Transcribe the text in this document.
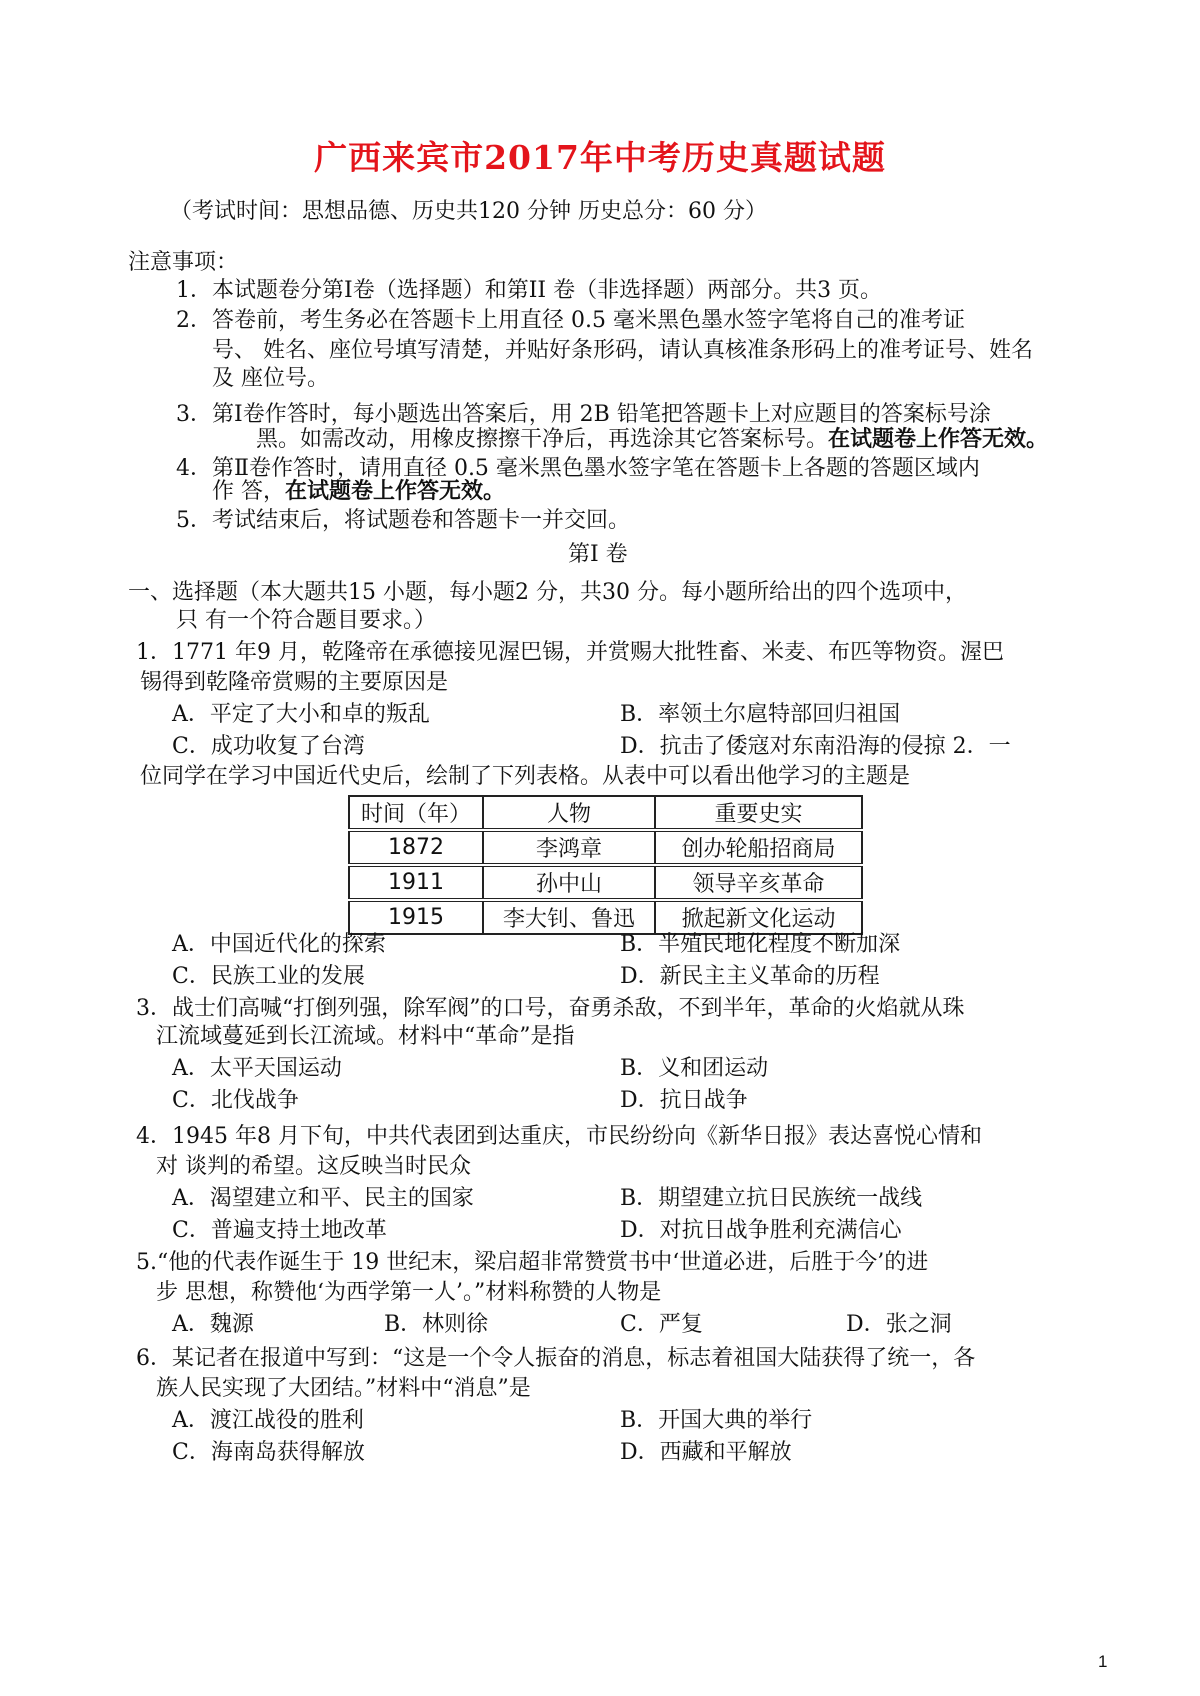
广西来宾市2017年中考历史真题试题
（考试时间：思想品德、历史共120 分钟 历史总分：60 分）
注意事项：
1．本试题卷分第Ⅰ卷（选择题）和第II 卷（非选择题）两部分。共3 页。
2．答卷前，考生务必在答题卡上用直径 0.5 毫米黑色墨水签字笔将自己的准考证
号、 姓名、座位号填写清楚，并贴好条形码，请认真核准条形码上的准考证号、姓名
及 座位号。
3．第Ⅰ卷作答时，每小题选出答案后，用 2B 铅笔把答题卡上对应题目的答案标号涂
黑。如需改动，用橡皮擦擦干净后，再选涂其它答案标号。在试题卷上作答无效。
4．第Ⅱ卷作答时，请用直径 0.5 毫米黑色墨水签字笔在答题卡上各题的答题区域内
作 答，在试题卷上作答无效。
5．考试结束后，将试题卷和答题卡一并交回。
第Ⅰ 卷
一、选择题（本大题共15 小题，每小题2 分，共30 分。每小题所给出的四个选项中，
只 有一个符合题目要求。）
1．1771 年9 月，乾隆帝在承德接见渥巴锡，并赏赐大批牲畜、米麦、布匹等物资。渥巴
锡得到乾隆帝赏赐的主要原因是
A．平定了大小和卓的叛乱	B．率领土尔扈特部回归祖国
C．成功收复了台湾	D．抗击了倭寇对东南沿海的侵掠 2．一
位同学在学习中国近代史后，绘制了下列表格。从表中可以看出他学习的主题是
时间（年）	人物	重要史实
1872	李鸿章	创办轮船招商局
1911	孙中山	领导辛亥革命
1915	李大钊、鲁迅	掀起新文化运动
A．中国近代化的探索	B．半殖民地化程度不断加深
C．民族工业的发展	D．新民主主义革命的历程
3．战士们高喊“打倒列强，除军阀”的口号，奋勇杀敌，不到半年，革命的火焰就从珠
江流域蔓延到长江流域。材料中“革命”是指
A．太平天国运动	B．义和团运动
C．北伐战争	D．抗日战争
4．1945 年8 月下旬，中共代表团到达重庆，市民纷纷向《新华日报》表达喜悦心情和
对 谈判的希望。这反映当时民众
A．渴望建立和平、民主的国家	B．期望建立抗日民族统一战线
C．普遍支持土地改革	D．对抗日战争胜利充满信心
5.“他的代表作诞生于 19 世纪末，梁启超非常赞赏书中‘世道必进，后胜于今’的进
步 思想，称赞他‘为西学第一人’。”材料称赞的人物是
A．魏源	B．林则徐	C．严复	D．张之洞
6．某记者在报道中写到：“这是一个令人振奋的消息，标志着祖国大陆获得了统一，各
族人民实现了大团结。”材料中“消息”是
A．渡江战役的胜利	B．开国大典的举行
C．海南岛获得解放	D．西藏和平解放
1
